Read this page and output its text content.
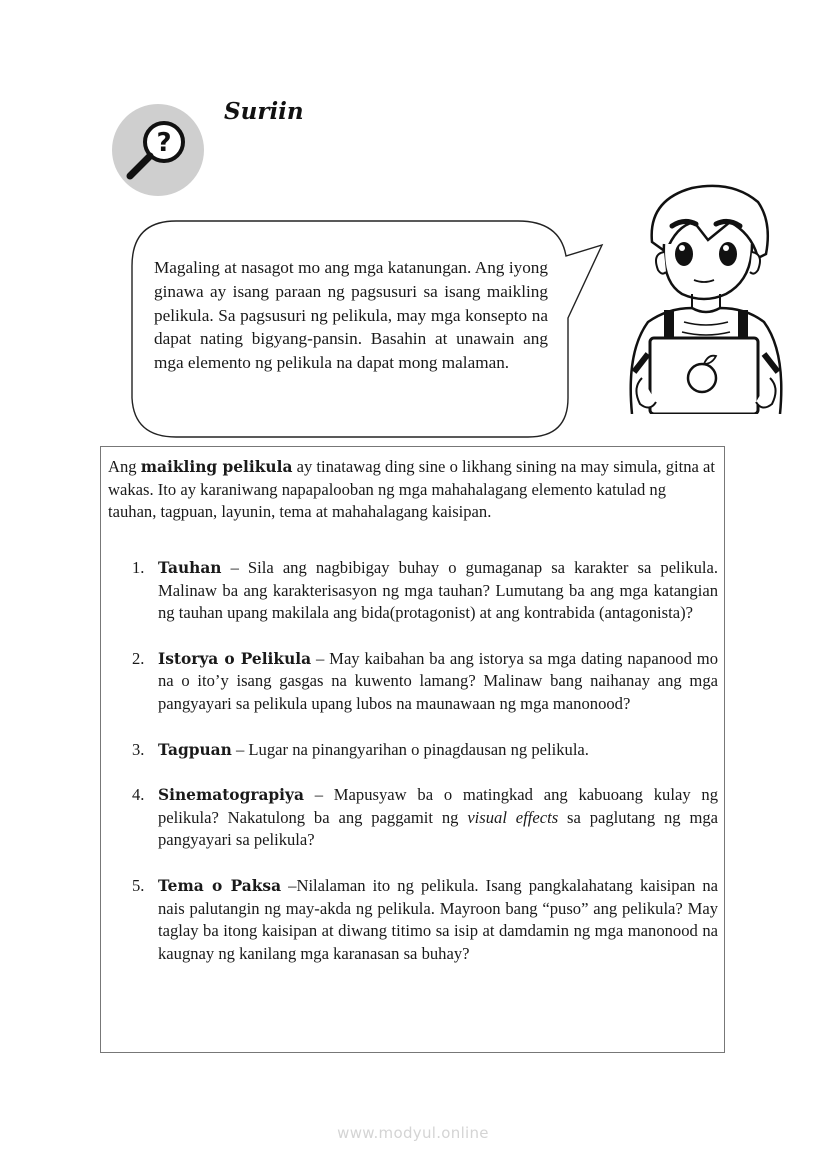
?
Suriin

Magaling at nasagot mo ang mga katanungan. Ang iyong ginawa ay isang paraan ng pagsusuri sa isang maikling pelikula. Sa pagsusuri ng pelikula, may mga konsepto na dapat nating bigyang-pansin. Basahin at unawain ang mga elemento ng pelikula na dapat mong malaman.

Ang maikling pelikula ay tinatawag ding sine o likhang sining na may simula, gitna at wakas. Ito ay karaniwang napapalooban ng mga mahahalagang elemento katulad ng tauhan, tagpuan, layunin, tema at mahahalagang kaisipan.

1. Tauhan – Sila ang nagbibigay buhay o gumaganap sa karakter sa pelikula. Malinaw ba ang karakterisasyon ng mga tauhan? Lumutang ba ang mga katangian ng tauhan upang makilala ang bida(protagonist) at ang kontrabida (antagonista)?
2. Istorya o Pelikula – May kaibahan ba ang istorya sa mga dating napanood mo na o ito’y isang gasgas na kuwento lamang? Malinaw bang naihanay ang mga pangyayari sa pelikula upang lubos na maunawaan ng mga manonood?
3. Tagpuan – Lugar na pinangyarihan o pinagdausan ng pelikula.
4. Sinematograpiya – Mapusyaw ba o matingkad ang kabuoang kulay ng pelikula? Nakatulong ba ang paggamit ng visual effects sa paglutang ng mga pangyayari sa pelikula?
5. Tema o Paksa –Nilalaman ito ng pelikula. Isang pangkalahatang kaisipan na nais palutangin ng may-akda ng pelikula. Mayroon bang “puso” ang pelikula? May taglay ba itong kaisipan at diwang titimo sa isip at damdamin ng mga manonood na kaugnay ng kanilang mga karanasan sa buhay?
www.modyul.online
